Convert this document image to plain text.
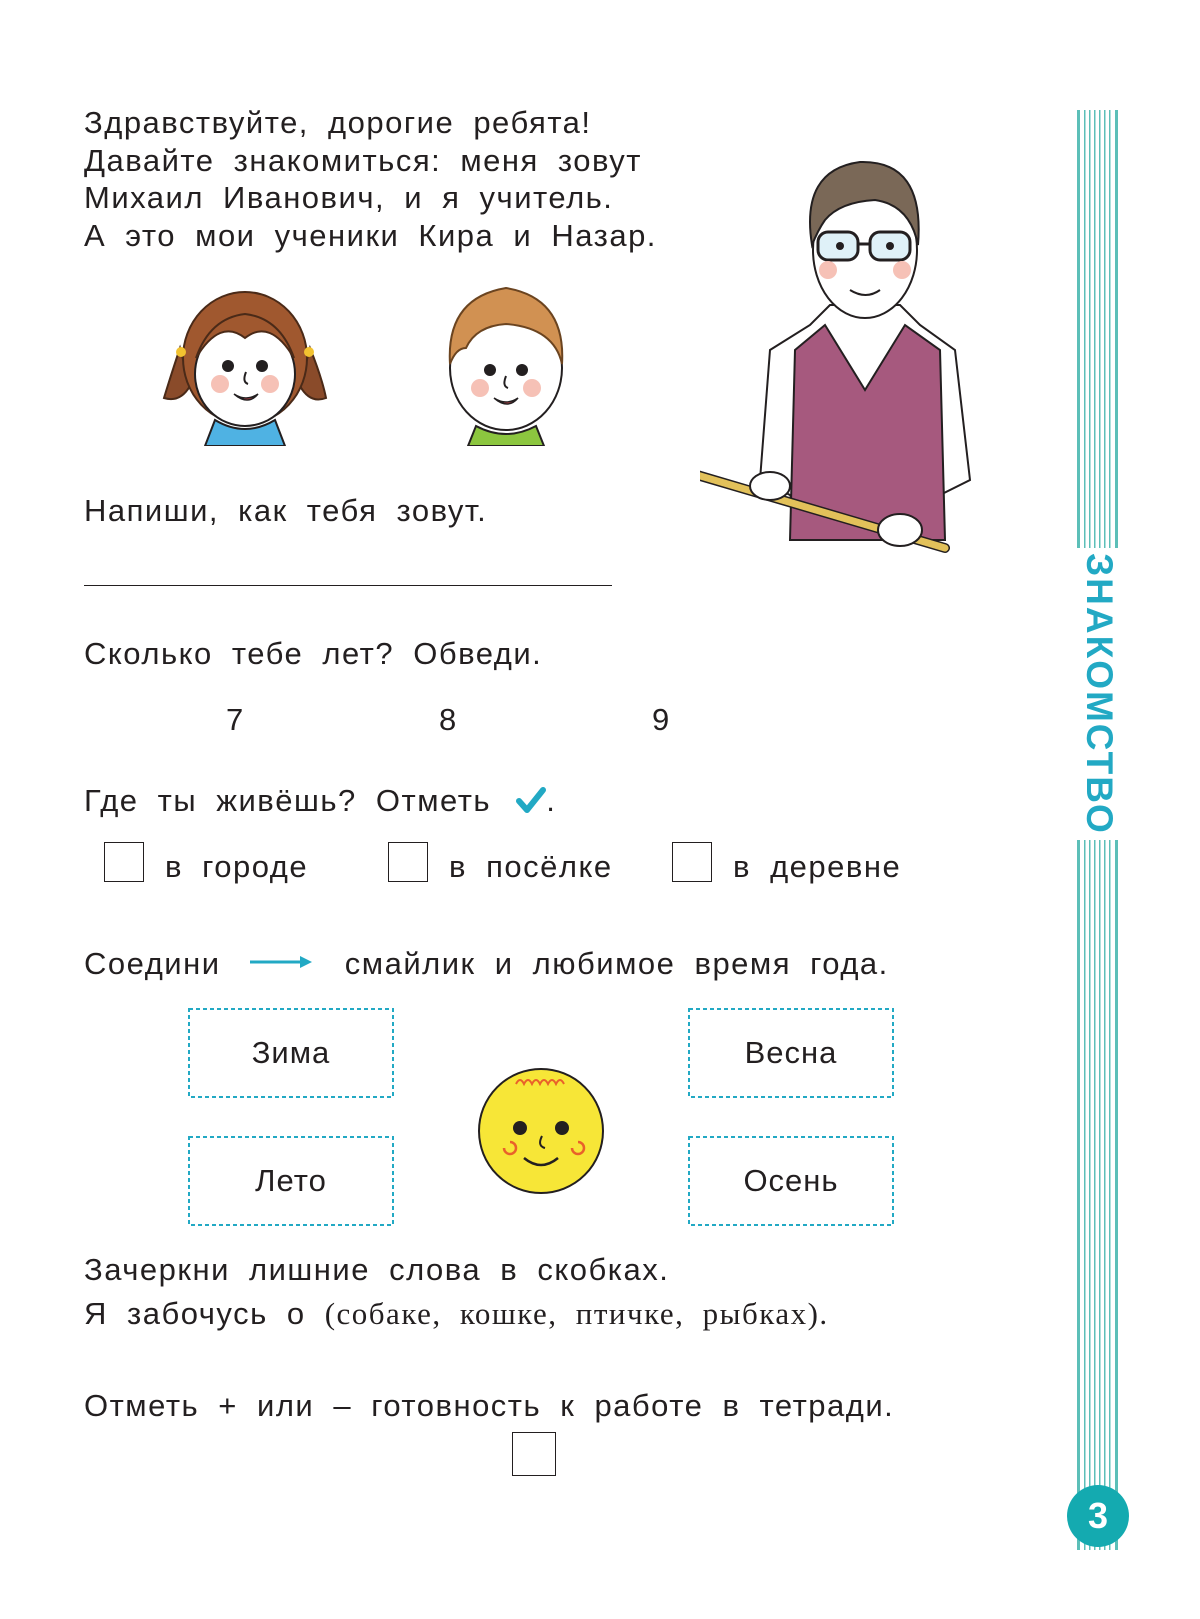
Здравствуйте, дорогие ребята!
Давайте знакомиться: меня зовут
Михаил Иванович, и я учитель.
А это мои ученики Кира и Назар.
Напиши, как тебя зовут.
Сколько тебе лет? Обведи.
7	8	9
Где ты живёшь? Отметь .
в городе	в посёлке	в деревне
Соедини	смайлик и любимое время года.
Зима	Весна
Лето	Осень
Зачеркни лишние слова в скобках.
Я забочусь о (собаке, кошке, птичке, рыбках).
Отметь + или – готовность к работе в тетради.
ЗНАКОМСТВО
3
